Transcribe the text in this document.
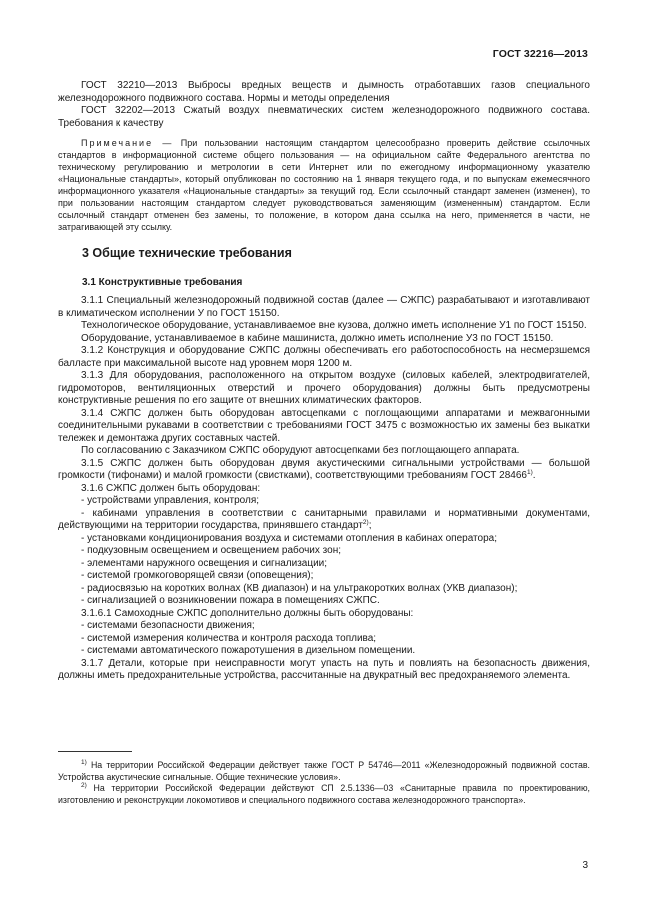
ГОСТ 32216—2013

ГОСТ 32210—2013 Выбросы вредных веществ и дымность отработавших газов специального железнодорожного подвижного состава. Нормы и методы определения

ГОСТ 32202—2013 Сжатый воздух пневматических систем железнодорожного подвижного состава. Требования к качеству

Примечание — При пользовании настоящим стандартом целесообразно проверить действие ссылочных стандартов в информационной системе общего пользования — на официальном сайте Федерального агентства по техническому регулированию и метрологии в сети Интернет или по ежегодному информационному указателю «Национальные стандарты», который опубликован по состоянию на 1 января текущего года, и по выпускам ежемесячного информационного указателя «Национальные стандарты» за текущий год. Если ссылочный стандарт заменен (изменен), то при пользовании настоящим стандартом следует руководствоваться заменяющим (измененным) стандартом. Если ссылочный стандарт отменен без замены, то положение, в котором дана ссылка на него, применяется в части, не затрагивающей эту ссылку.

3 Общие технические требования
3.1 Конструктивные требования

3.1.1 Специальный железнодорожный подвижной состав (далее — СЖПС) разрабатывают и изготавливают в климатическом исполнении У по ГОСТ 15150.

Технологическое оборудование, устанавливаемое вне кузова, должно иметь исполнение У1 по ГОСТ 15150.

Оборудование, устанавливаемое в кабине машиниста, должно иметь исполнение У3 по ГОСТ 15150.

3.1.2 Конструкция и оборудование СЖПС должны обеспечивать его работоспособность на несмерзшемся балласте при максимальной высоте над уровнем моря 1200 м.

3.1.3 Для оборудования, расположенного на открытом воздухе (силовых кабелей, электродвигателей, гидромоторов, вентиляционных отверстий и прочего оборудования) должны быть предусмотрены конструктивные решения по его защите от внешних климатических факторов.

3.1.4 СЖПС должен быть оборудован автосцепками с поглощающими аппаратами и межвагонными соединительными рукавами в соответствии с требованиями ГОСТ 3475 с возможностью их замены без выкатки тележек и демонтажа других составных частей.

По согласованию с Заказчиком СЖПС оборудуют автосцепками без поглощающего аппарата.

3.1.5 СЖПС должен быть оборудован двумя акустическими сигнальными устройствами — большой громкости (тифонами) и малой громкости (свистками), соответствующими требованиям ГОСТ 28466$^{1)}$.

3.1.6 СЖПС должен быть оборудован:

- устройствами управления, контроля;

- кабинами управления в соответствии с санитарными правилами и нормативными документами, действующими на территории государства, принявшего стандарт$^{2)}$;

- установками кондиционирования воздуха и системами отопления в кабинах оператора;

- подкузовным освещением и освещением рабочих зон;

- элементами наружного освещения и сигнализации;

- системой громкоговорящей связи (оповещения);

- радиосвязью на коротких волнах (КВ диапазон) и на ультракоротких волнах (УКВ диапазон);

- сигнализацией о возникновении пожара в помещениях СЖПС.

3.1.6.1 Самоходные СЖПС дополнительно должны быть оборудованы:

- системами безопасности движения;

- системой измерения количества и контроля расхода топлива;

- системами автоматического пожаротушения в дизельном помещении.

3.1.7 Детали, которые при неисправности могут упасть на путь и повлиять на безопасность движения, должны иметь предохранительные устройства, рассчитанные на двукратный вес предохраняемого элемента.

$^{1)}$ На территории Российской Федерации действует также ГОСТ Р 54746—2011 «Железнодорожный подвижной состав. Устройства акустические сигнальные. Общие технические условия».

$^{2)}$ На территории Российской Федерации действуют СП 2.5.1336—03 «Санитарные правила по проектированию, изготовлению и реконструкции локомотивов и специального подвижного состава железнодорожного транспорта».

3
